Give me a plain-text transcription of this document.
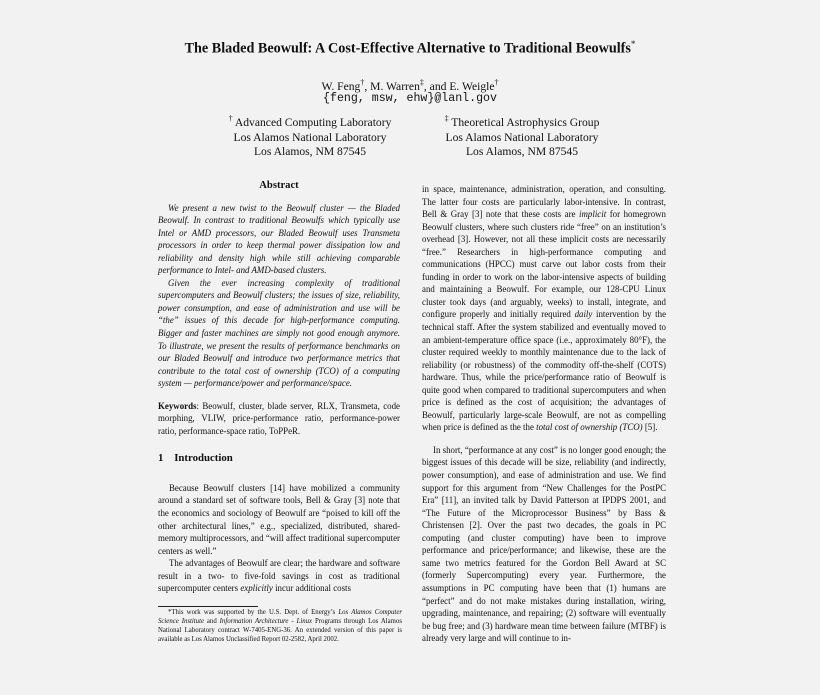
The Bladed Beowulf: A Cost-Effective Alternative to Traditional Beowulfs*
W. Feng†, M. Warren‡, and E. Weigle†
{feng, msw, ehw}@lanl.gov
† Advanced Computing Laboratory
Los Alamos National Laboratory
Los Alamos, NM 87545
‡ Theoretical Astrophysics Group
Los Alamos National Laboratory
Los Alamos, NM 87545
Abstract

We present a new twist to the Beowulf cluster — the Bladed Beowulf. In contrast to traditional Beowulfs which typically use Intel or AMD processors, our Bladed Beowulf uses Transmeta processors in order to keep thermal power dissipation low and reliability and density high while still achieving comparable performance to Intel- and AMD-based clusters.

Given the ever increasing complexity of traditional supercomputers and Beowulf clusters; the issues of size, reliability, power consumption, and ease of administration and use will be “the” issues of this decade for high-performance computing. Bigger and faster machines are simply not good enough anymore. To illustrate, we present the results of performance benchmarks on our Bladed Beowulf and introduce two performance metrics that contribute to the total cost of ownership (TCO) of a computing system — performance/power and performance/space.

Keywords: Beowulf, cluster, blade server, RLX, Transmeta, code morphing, VLIW, price-performance ratio, performance-power ratio, performance-space ratio, ToPPeR.
1 Introduction

Because Beowulf clusters [14] have mobilized a community around a standard set of software tools, Bell & Gray [3] note that the economics and sociology of Beowulf are “poised to kill off the other architectural lines,” e.g., specialized, distributed, shared-memory multiprocessors, and “will affect traditional supercomputer centers as well.”

The advantages of Beowulf are clear; the hardware and software result in a two- to five-fold savings in cost as traditional supercomputer centers explicitly incur additional costs

*This work was supported by the U.S. Dept. of Energy’s Los Alamos Computer Science Institute and Information Architecture - Linux Programs through Los Alamos National Laboratory contract W-7405-ENG-36. An extended version of this paper is available as Los Alamos Unclassified Report 02-2582, April 2002.

in space, maintenance, administration, operation, and consulting. The latter four costs are particularly labor-intensive. In contrast, Bell & Gray [3] note that these costs are implicit for homegrown Beowulf clusters, where such clusters ride “free” on an institution’s overhead [3]. However, not all these implicit costs are necessarily “free.” Researchers in high-performance computing and communications (HPCC) must carve out labor costs from their funding in order to work on the labor-intensive aspects of building and maintaining a Beowulf. For example, our 128-CPU Linux cluster took days (and arguably, weeks) to install, integrate, and configure properly and initially required daily intervention by the technical staff. After the system stabilized and eventually moved to an ambient-temperature office space (i.e., approximately 80°F), the cluster required weekly to monthly maintenance due to the lack of reliability (or robustness) of the commodity off-the-shelf (COTS) hardware. Thus, while the price/performance ratio of Beowulf is quite good when compared to traditional supercomputers and when price is defined as the cost of acquisition; the advantages of Beowulf, particularly large-scale Beowulf, are not as compelling when price is defined as the the total cost of ownership (TCO) [5].

In short, “performance at any cost” is no longer good enough; the biggest issues of this decade will be size, reliability (and indirectly, power consumption), and ease of administration and use. We find support for this argument from “New Challenges for the PostPC Era” [11], an invited talk by David Patterson at IPDPS 2001, and “The Future of the Microprocessor Business” by Bass & Christensen [2]. Over the past two decades, the goals in PC computing (and cluster computing) have been to improve performance and price/performance; and likewise, these are the same two metrics featured for the Gordon Bell Award at SC (formerly Supercomputing) every year. Furthermore, the assumptions in PC computing have been that (1) humans are “perfect” and do not make mistakes during installation, wiring, upgrading, maintenance, and repairing; (2) software will eventually be bug free; and (3) hardware mean time between failure (MTBF) is already very large and will continue to in-
